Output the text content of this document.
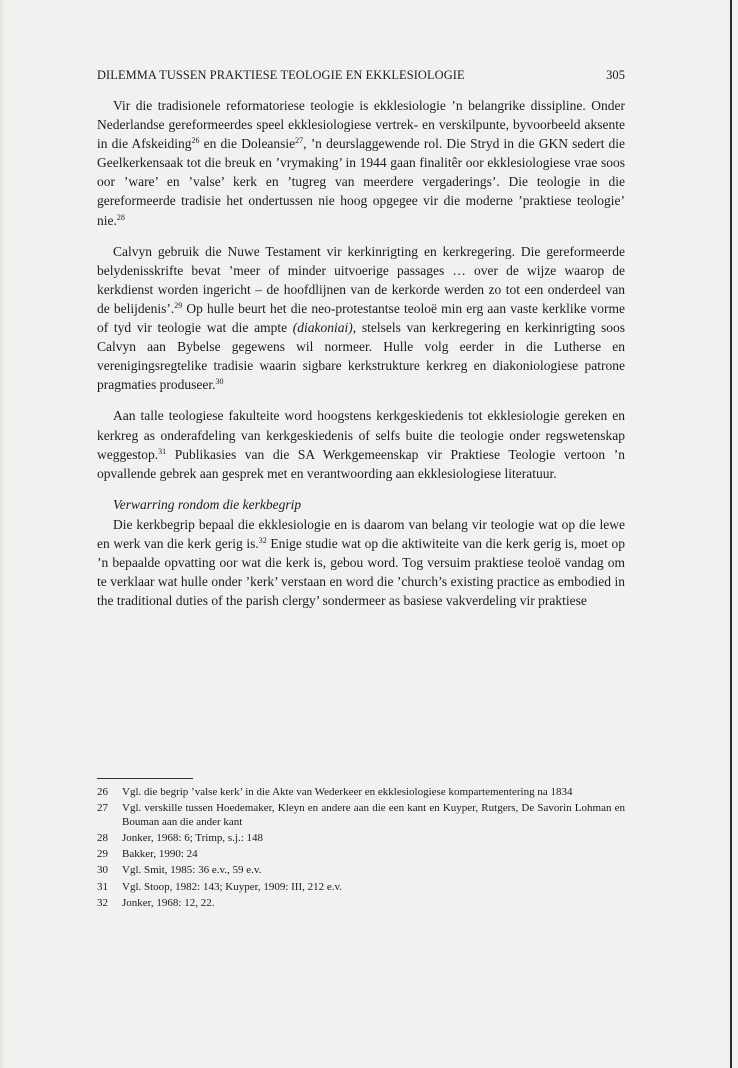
DILEMMA TUSSEN PRAKTIESE TEOLOGIE EN EKKLESIOLOGIE	305

Vir die tradisionele reformatoriese teologie is ekklesiologie ’n belangrike dissipline. Onder Nederlandse gereformeerdes speel ekklesiologiese vertrek- en verskilpunte, byvoorbeeld aksente in die Afskeiding$^{26}$ en die Doleansie$^{27}$, ’n deurslaggewende rol. Die Stryd in die GKN sedert die Geelkerkensaak tot die breuk en ’vrymaking’ in 1944 gaan finalitêr oor ekklesiologiese vrae soos oor ’ware’ en ’valse’ kerk en ’tugreg van meerdere vergaderings’. Die teologie in die gereformeerde tradisie het ondertussen nie hoog opgegee vir die moderne ’praktiese teologie’ nie.$^{28}$

Calvyn gebruik die Nuwe Testament vir kerkinrigting en kerkregering. Die gereformeerde belydenisskrifte bevat ’meer of minder uitvoerige passages … over de wijze waarop de kerkdienst worden ingericht – de hoofdlijnen van de kerkorde werden zo tot een onderdeel van de belijdenis’.$^{29}$ Op hulle beurt het die neo-protestantse teoloë min erg aan vaste kerklike vorme of tyd vir teologie wat die ampte (diakoniai), stelsels van kerkregering en kerkinrigting soos Calvyn aan Bybelse gegewens wil normeer. Hulle volg eerder in die Lutherse en verenigingsregtelike tradisie waarin sigbare kerkstrukture kerkreg en diakoniologiese patrone pragmaties produseer.$^{30}$

Aan talle teologiese fakulteite word hoogstens kerkgeskiedenis tot ekklesiologie gereken en kerkreg as onderafdeling van kerkgeskiedenis of selfs buite die teologie onder regswetenskap weggestop.$^{31}$ Publikasies van die SA Werkgemeenskap vir Praktiese Teologie vertoon ’n opvallende gebrek aan gesprek met en verantwoording aan ekklesiologiese literatuur.

Verwarring rondom die kerkbegrip

Die kerkbegrip bepaal die ekklesiologie en is daarom van belang vir teologie wat op die lewe en werk van die kerk gerig is.$^{32}$ Enige studie wat op die aktiwiteite van die kerk gerig is, moet op ’n bepaalde opvatting oor wat die kerk is, gebou word. Tog versuim praktiese teoloë vandag om te verklaar wat hulle onder ’kerk’ verstaan en word die ’church’s existing practice as embodied in the traditional duties of the parish clergy’ sondermeer as basiese vakverdeling vir praktiese

26	Vgl. die begrip ’valse kerk’ in die Akte van Wederkeer en ekklesiologiese kompartementering na 1834
27	Vgl. verskille tussen Hoedemaker, Kleyn en andere aan die een kant en Kuyper, Rutgers, De Savorin Lohman en Bouman aan die ander kant
28	Jonker, 1968: 6; Trimp, s.j.: 148
29	Bakker, 1990: 24
30	Vgl. Smit, 1985: 36 e.v., 59 e.v.
31	Vgl. Stoop, 1982: 143; Kuyper, 1909: III, 212 e.v.
32	Jonker, 1968: 12, 22.
